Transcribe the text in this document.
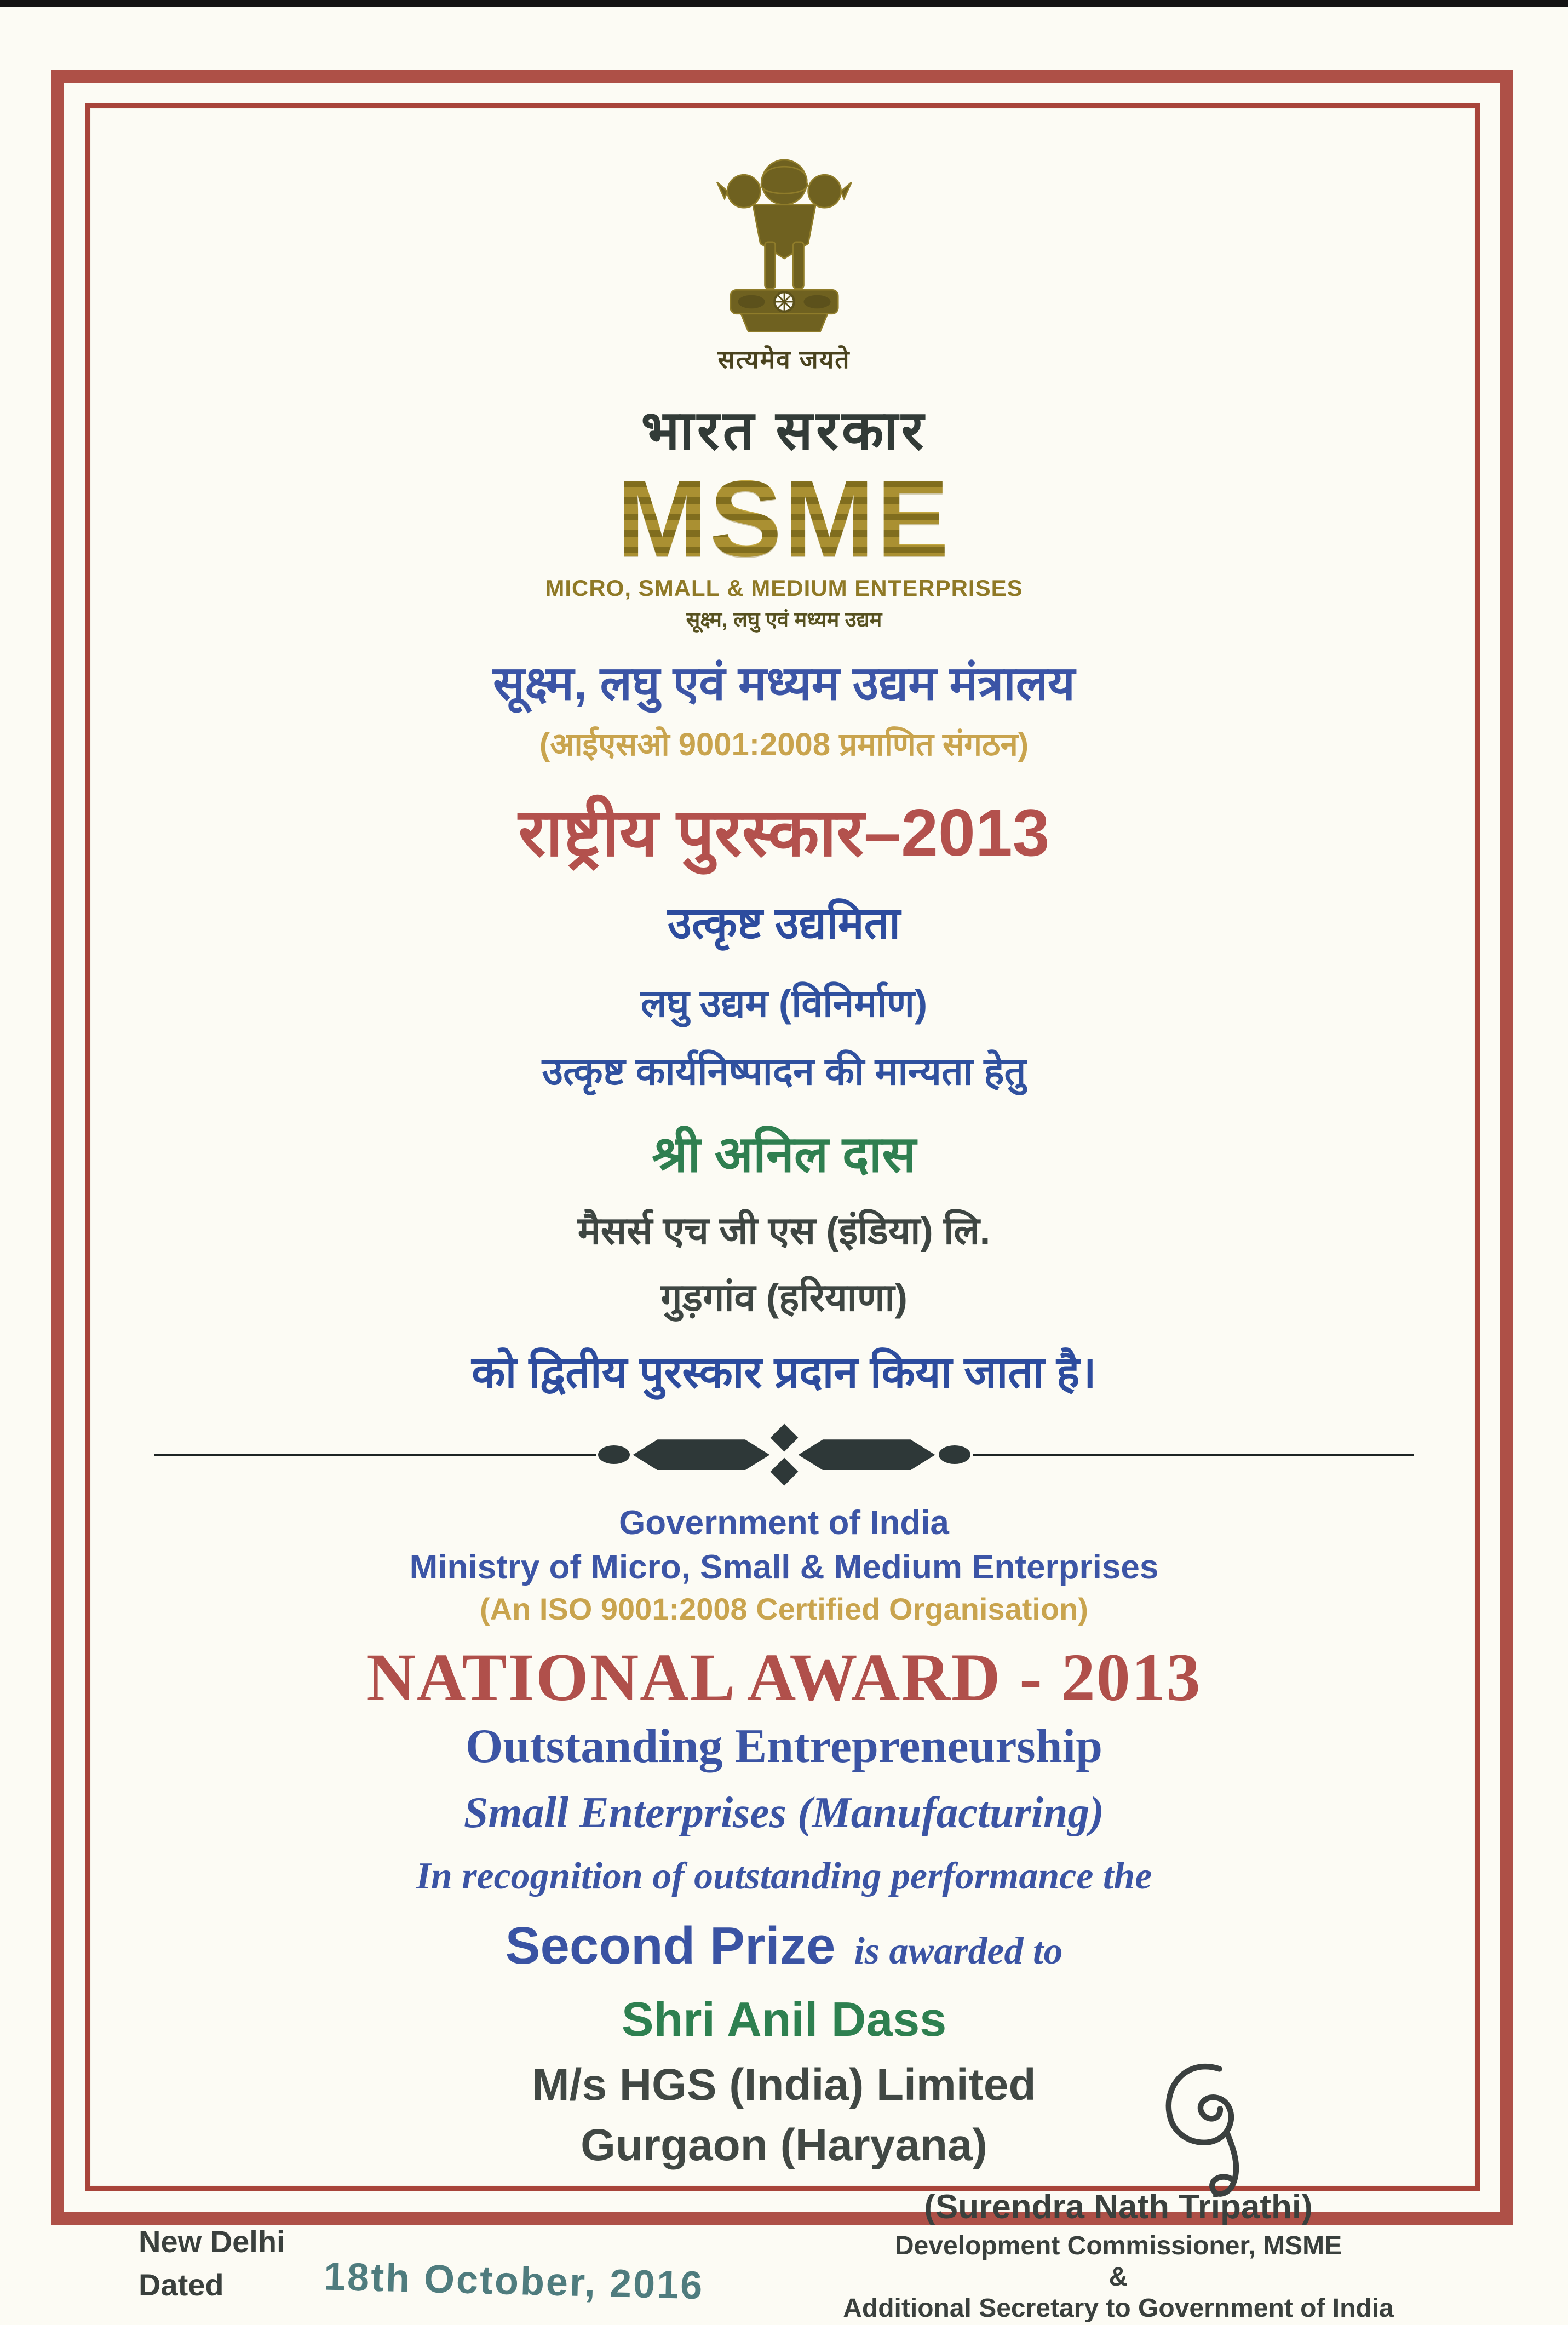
सत्यमेव जयते
भारत सरकार
MSME
MICRO, SMALL & MEDIUM ENTERPRISES
सूक्ष्म, लघु एवं मध्यम उद्यम
सूक्ष्म, लघु एवं मध्यम उद्यम मंत्रालय
(आईएसओ 9001:2008 प्रमाणित संगठन)
राष्ट्रीय पुरस्कार–2013
उत्कृष्ट उद्यमिता
लघु उद्यम (विनिर्माण)
उत्कृष्ट कार्यनिष्पादन की मान्यता हेतु
श्री अनिल दास
मैसर्स एच जी एस (इंडिया) लि.
गुड़गांव (हरियाणा)
को द्वितीय पुरस्कार प्रदान किया जाता है।
Government of India
Ministry of Micro, Small & Medium Enterprises
(An ISO 9001:2008 Certified Organisation)
NATIONAL AWARD - 2013
Outstanding Entrepreneurship
Small Enterprises (Manufacturing)
In recognition of outstanding performance the
Second Prize is awarded to
Shri Anil Dass
M/s HGS (India) Limited
Gurgaon (Haryana)
(Surendra Nath Tripathi)
Development Commissioner, MSME
&
Additional Secretary to Government of India
New Delhi
Dated	18th October, 2016
